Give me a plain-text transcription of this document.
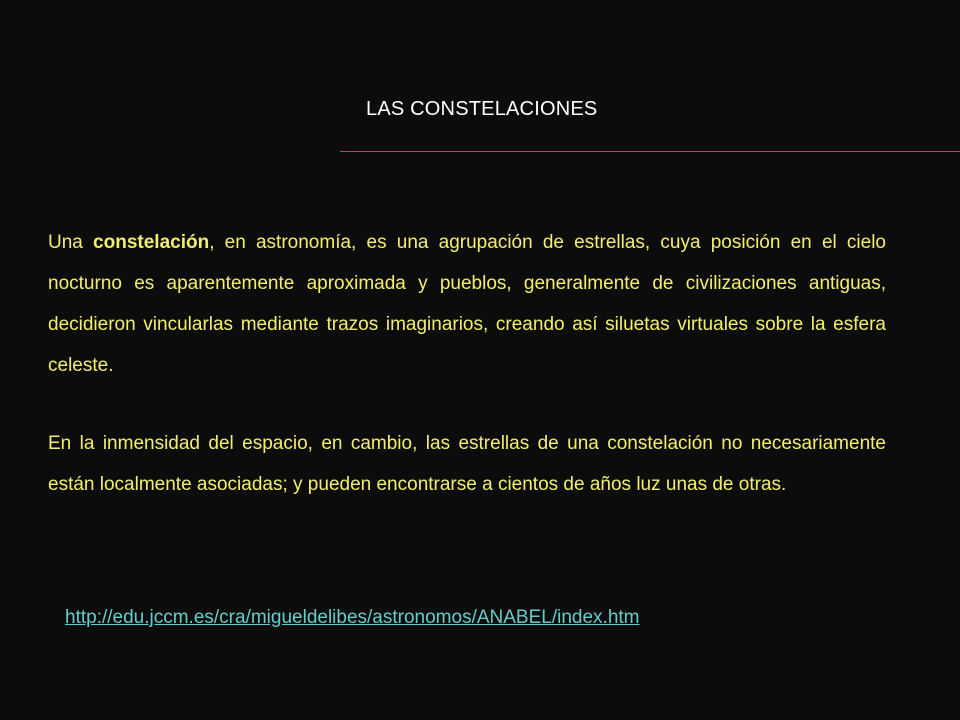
LAS CONSTELACIONES

Una constelación, en astronomía, es una agrupación de estrellas, cuya posición en el cielo nocturno es aparentemente aproximada y pueblos, generalmente de civilizaciones antiguas, decidieron vincularlas mediante trazos imaginarios, creando así siluetas virtuales sobre la esfera celeste.

En la inmensidad del espacio, en cambio, las estrellas de una constelación no necesariamente están localmente asociadas; y pueden encontrarse a cientos de años luz unas de otras.

http://edu.jccm.es/cra/migueldelibes/astronomos/ANABEL/index.htm
